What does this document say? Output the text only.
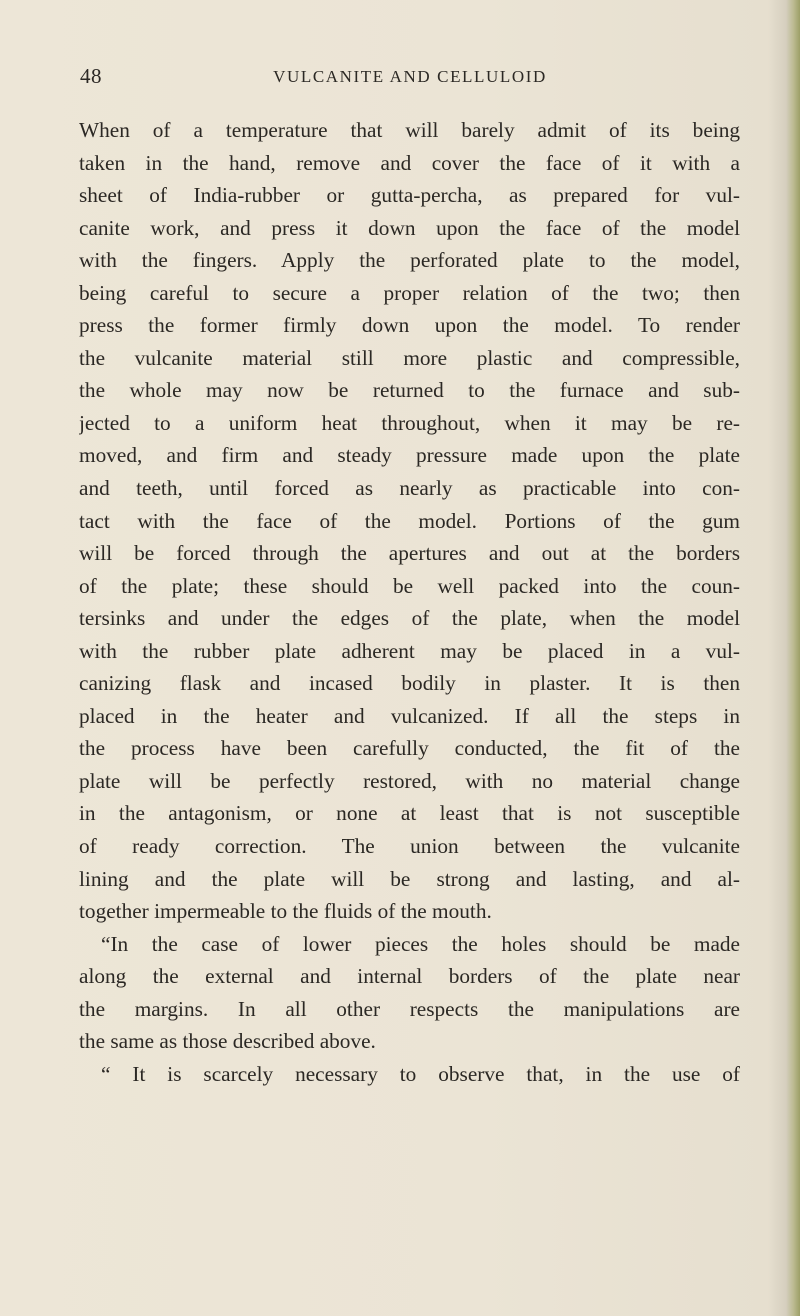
48	VULCANITE AND CELLULOID
When of a temperature that will barely admit of its being
taken in the hand, remove and cover the face of it with a
sheet of India-rubber or gutta-percha, as prepared for vul-
canite work, and press it down upon the face of the model
with the fingers. Apply the perforated plate to the model,
being careful to secure a proper relation of the two; then
press the former firmly down upon the model. To render
the vulcanite material still more plastic and compressible,
the whole may now be returned to the furnace and sub-
jected to a uniform heat throughout, when it may be re-
moved, and firm and steady pressure made upon the plate
and teeth, until forced as nearly as practicable into con-
tact with the face of the model. Portions of the gum
will be forced through the apertures and out at the borders
of the plate; these should be well packed into the coun-
tersinks and under the edges of the plate, when the model
with the rubber plate adherent may be placed in a vul-
canizing flask and incased bodily in plaster. It is then
placed in the heater and vulcanized. If all the steps in
the process have been carefully conducted, the fit of the
plate will be perfectly restored, with no material change
in the antagonism, or none at least that is not susceptible
of ready correction. The union between the vulcanite
lining and the plate will be strong and lasting, and al-
together impermeable to the fluids of the mouth.
“In the case of lower pieces the holes should be made
along the external and internal borders of the plate near
the margins. In all other respects the manipulations are
the same as those described above.
“ It is scarcely necessary to observe that, in the use of
